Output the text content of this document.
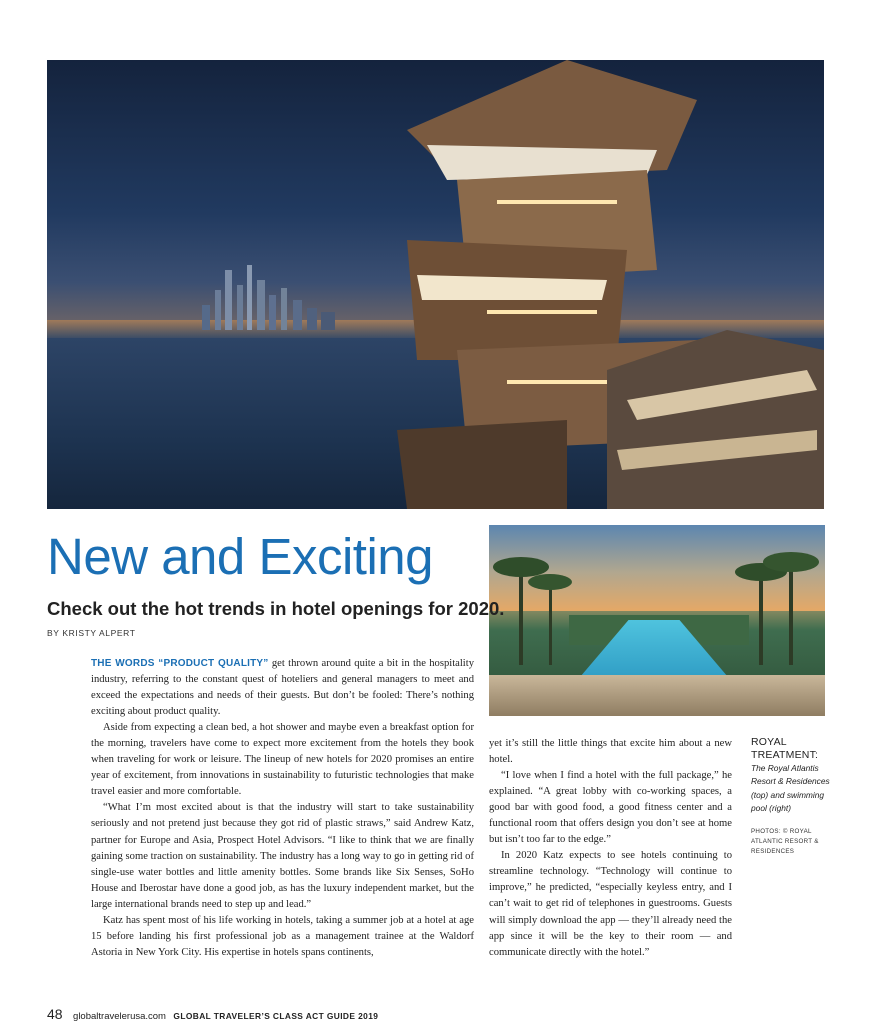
New and Exciting
Check out the hot trends in hotel openings for 2020.
BY KRISTY ALPERT

THE WORDS “PRODUCT QUALITY” get thrown around quite a bit in the hospitality industry, referring to the constant quest of hoteliers and general managers to meet and exceed the expectations and needs of their guests. But don’t be fooled: There’s nothing exciting about product quality.

Aside from expecting a clean bed, a hot shower and maybe even a breakfast option for the morning, travelers have come to expect more excitement from the hotels they book when traveling for work or leisure. The lineup of new hotels for 2020 promises an entire year of excitement, from innovations in sustainability to futuristic technologies that make travel easier and more comfortable.

“What I’m most excited about is that the industry will start to take sustainability seriously and not pretend just because they got rid of plastic straws,” said Andrew Katz, partner for Europe and Asia, Prospect Hotel Advisors. “I like to think that we are finally gaining some traction on sustainability. The industry has a long way to go in getting rid of single-use water bottles and little amenity bottles. Some brands like Six Senses, SoHo House and Iberostar have done a good job, as has the luxury independent market, but the large international brands need to step up and lead.”

Katz has spent most of his life working in hotels, taking a summer job at a hotel at age 15 before landing his first professional job as a management trainee at the Waldorf Astoria in New York City. His expertise in hotels spans continents,

yet it’s still the little things that excite him about a new hotel.

“I love when I find a hotel with the full package,” he explained. “A great lobby with co-working spaces, a good bar with good food, a good fitness center and a functional room that offers design you don’t see at home but isn’t too far to the edge.”

In 2020 Katz expects to see hotels continuing to streamline technology. “Technology will continue to improve,” he predicted, “especially keyless entry, and I can’t wait to get rid of telephones in guestrooms. Guests will simply download the app — they’ll already need the app since it will be the key to their room — and communicate directly with the hotel.”

ROYAL TREATMENT:
The Royal Atlantis Resort & Residences (top) and swimming pool (right)
PHOTOS: © ROYAL ATLANTIC RESORT & RESIDENCES
48 globaltravelerusa.com GLOBAL TRAVELER’S CLASS ACT GUIDE 2019
